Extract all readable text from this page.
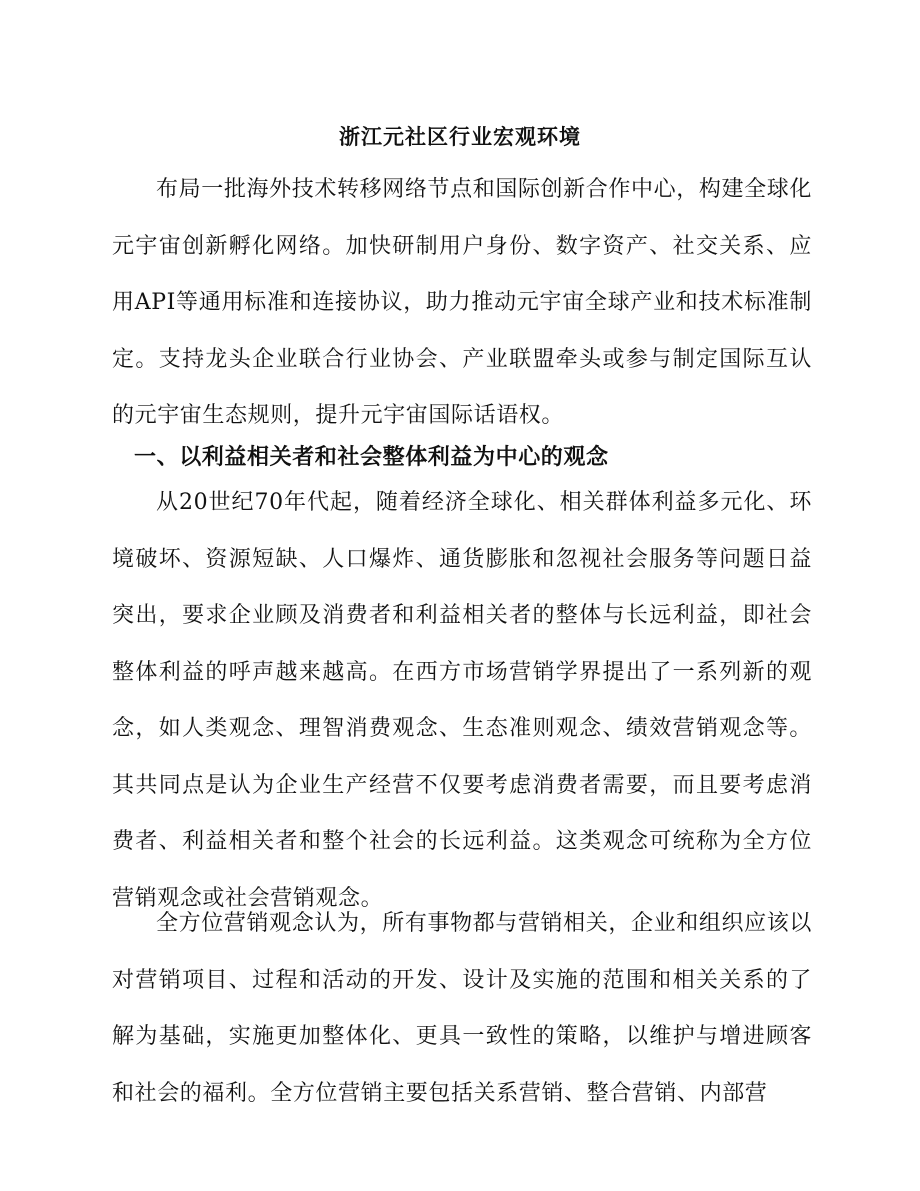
浙江元社区行业宏观环境

布局一批海外技术转移网络节点和国际创新合作中心，构建全球化元宇宙创新孵化网络。加快研制用户身份、数字资产、社交关系、应用API等通用标准和连接协议，助力推动元宇宙全球产业和技术标准制定。支持龙头企业联合行业协会、产业联盟牵头或参与制定国际互认的元宇宙生态规则，提升元宇宙国际话语权。

一、以利益相关者和社会整体利益为中心的观念

从20世纪70年代起，随着经济全球化、相关群体利益多元化、环境破坏、资源短缺、人口爆炸、通货膨胀和忽视社会服务等问题日益突出，要求企业顾及消费者和利益相关者的整体与长远利益，即社会整体利益的呼声越来越高。在西方市场营销学界提出了一系列新的观念，如人类观念、理智消费观念、生态准则观念、绩效营销观念等。其共同点是认为企业生产经营不仅要考虑消费者需要，而且要考虑消费者、利益相关者和整个社会的长远利益。这类观念可统称为全方位营销观念或社会营销观念。

全方位营销观念认为，所有事物都与营销相关，企业和组织应该以对营销项目、过程和活动的开发、设计及实施的范围和相关关系的了解为基础，实施更加整体化、更具一致性的策略，以维护与增进顾客和社会的福利。全方位营销主要包括关系营销、整合营销、内部营
